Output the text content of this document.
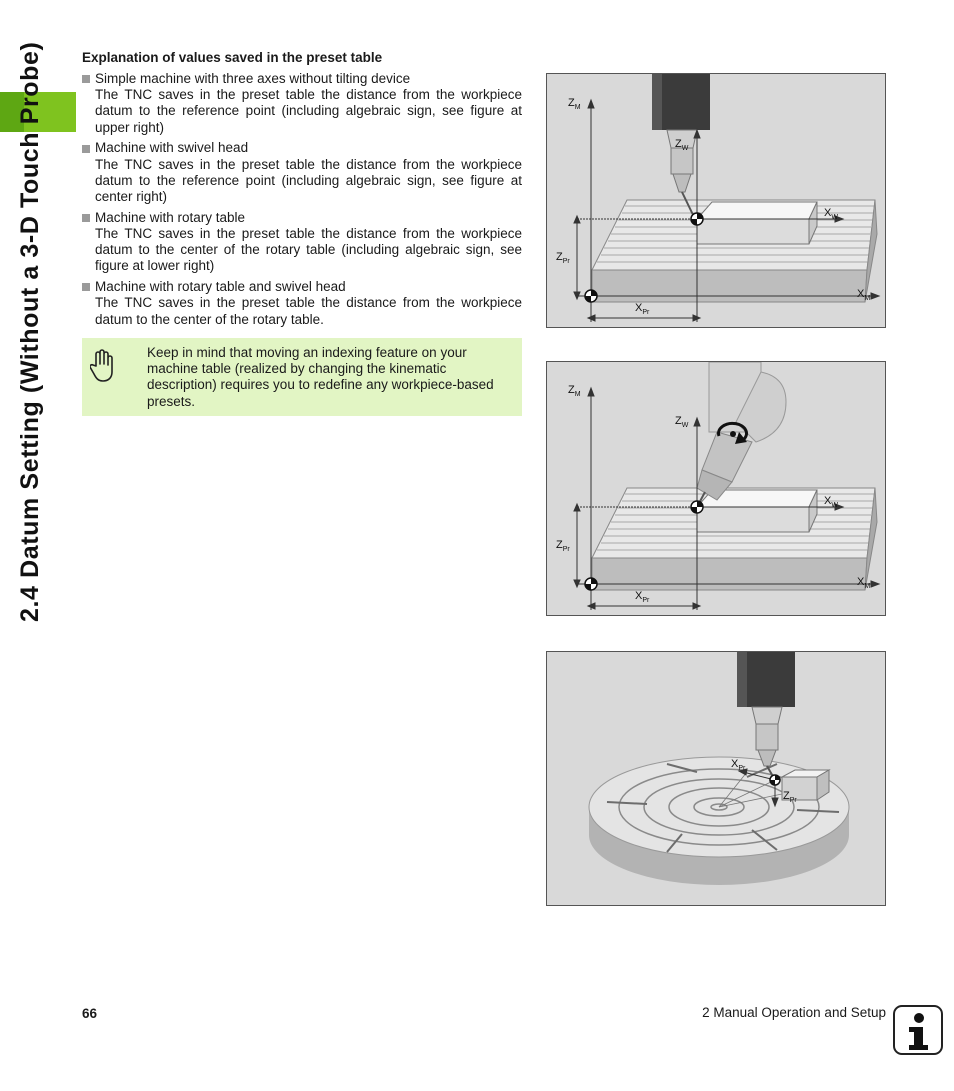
2.4 Datum Setting (Without a 3-D Touch Probe)	Explanation of values saved in the preset table
Simple machine with three axes without tilting device
The TNC saves in the preset table the distance from the workpiece datum to the reference point (including algebraic sign, see figure at upper right)
Machine with swivel head
The TNC saves in the preset table the distance from the workpiece datum to the reference point (including algebraic sign, see figure at center right)
Machine with rotary table
The TNC saves in the preset table the distance from the workpiece datum to the center of the rotary table (including algebraic sign, see figure at lower right)
Machine with rotary table and swivel head
The TNC saves in the preset table the distance from the workpiece datum to the center of the rotary table.
Keep in mind that moving an indexing feature on your machine table (realized by changing the kinematic description) requires you to redefine any workpiece-based presets.
$Z_M$
$Z_W$
$X_W$
$Z_{Pr}$
$X_M$
$X_{Pr}$
$Z_M$
$Z_W$
$X_W$
$Z_{Pr}$
$X_M$
$X_{Pr}$
$X_{Pr}$
$Z_{Pr}$
66	2 Manual Operation and Setup
